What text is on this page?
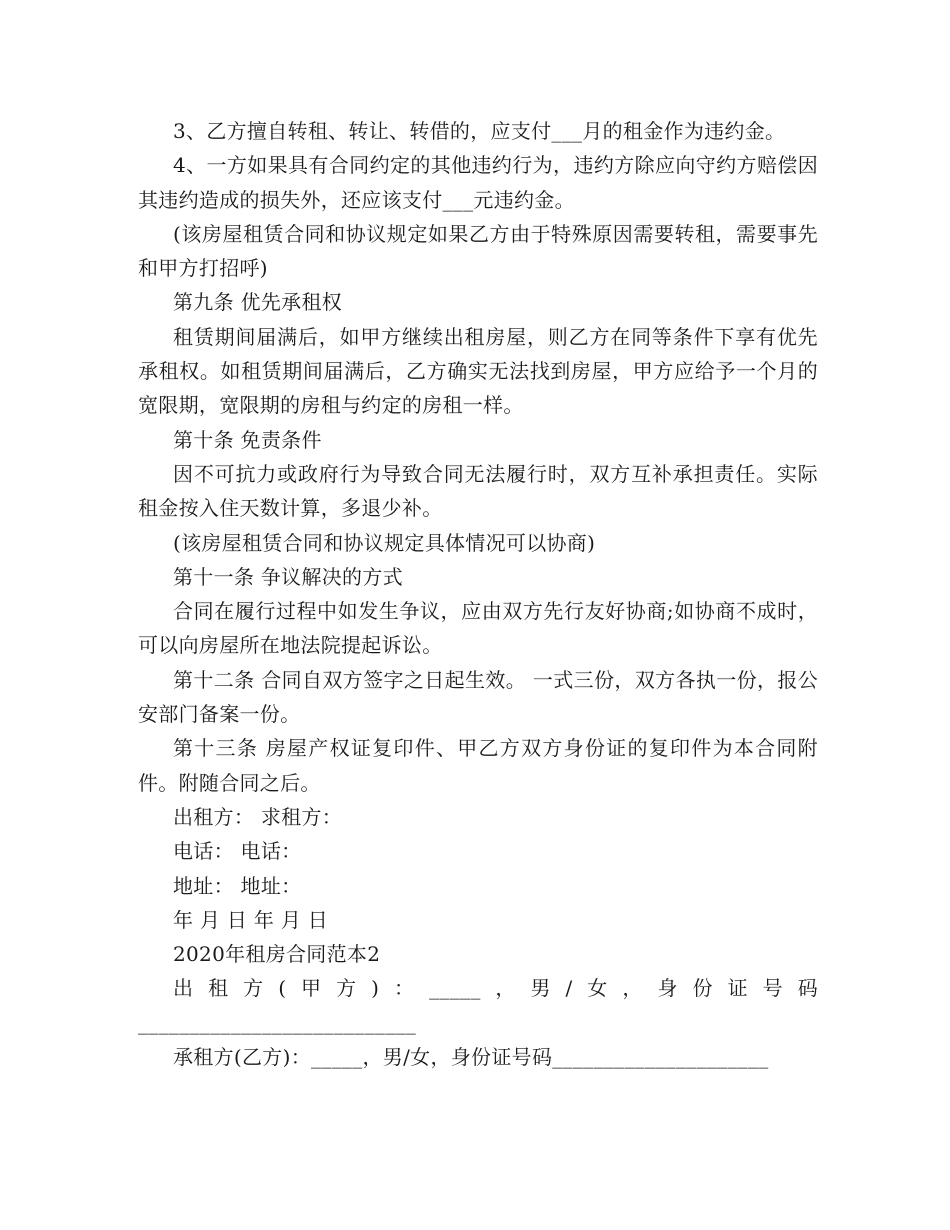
3、乙方擅自转租、转让、转借的，应支付___月的租金作为违约金。

4、一方如果具有合同约定的其他违约行为，违约方除应向守约方赔偿因其违约造成的损失外，还应该支付___元违约金。

(该房屋租赁合同和协议规定如果乙方由于特殊原因需要转租，需要事先和甲方打招呼)

第九条 优先承租权

租赁期间届满后，如甲方继续出租房屋，则乙方在同等条件下享有优先承租权。如租赁期间届满后，乙方确实无法找到房屋，甲方应给予一个月的宽限期，宽限期的房租与约定的房租一样。

第十条 免责条件

因不可抗力或政府行为导致合同无法履行时，双方互补承担责任。实际租金按入住天数计算，多退少补。

(该房屋租赁合同和协议规定具体情况可以协商)

第十一条 争议解决的方式

合同在履行过程中如发生争议，应由双方先行友好协商;如协商不成时，可以向房屋所在地法院提起诉讼。

第十二条 合同自双方签字之日起生效。 一式三份，双方各执一份，报公安部门备案一份。

第十三条 房屋产权证复印件、甲乙方双方身份证的复印件为本合同附件。附随合同之后。

出租方： 求租方：

电话： 电话：

地址： 地址：

年 月 日 年 月 日

2020年租房合同范本2

出租方(甲方)：_____，男/女，身份证号码___________________________

承租方(乙方)：_____，男/女，身份证号码_____________________
